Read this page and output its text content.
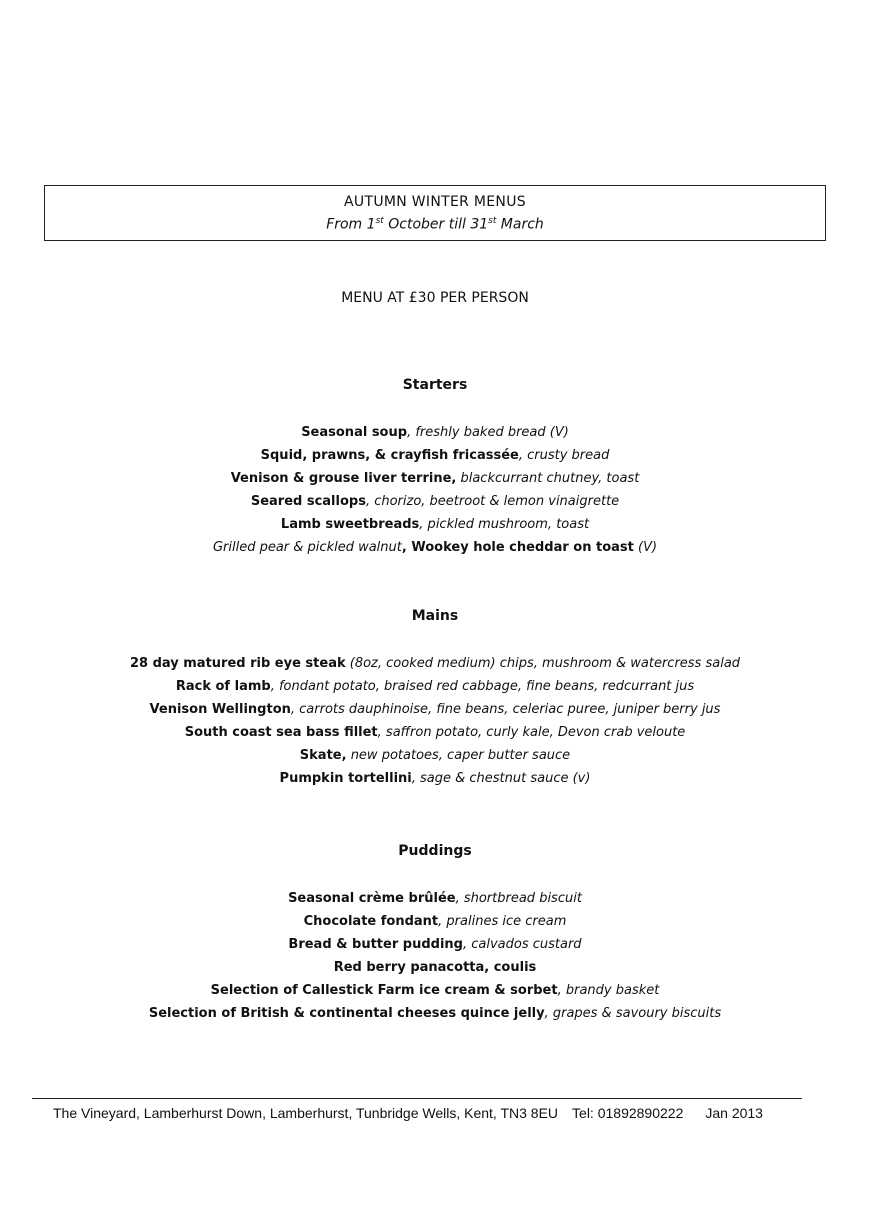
AUTUMN WINTER MENUS
From 1st October till 31st March
MENU AT £30 PER PERSON
Starters
Seasonal soup, freshly baked bread (V)
Squid, prawns, & crayfish fricassée, crusty bread
Venison & grouse liver terrine, blackcurrant chutney, toast
Seared scallops, chorizo, beetroot & lemon vinaigrette
Lamb sweetbreads, pickled mushroom, toast
Grilled pear & pickled walnut, Wookey hole cheddar on toast (V)
Mains
28 day matured rib eye steak (8oz, cooked medium) chips, mushroom & watercress salad
Rack of lamb, fondant potato, braised red cabbage, fine beans, redcurrant jus
Venison Wellington, carrots dauphinoise, fine beans, celeriac puree, juniper berry jus
South coast sea bass fillet, saffron potato, curly kale, Devon crab veloute
Skate, new potatoes, caper butter sauce
Pumpkin tortellini, sage & chestnut sauce (v)
Puddings
Seasonal crème brûlée, shortbread biscuit
Chocolate fondant, pralines ice cream
Bread & butter pudding, calvados custard
Red berry panacotta, coulis
Selection of Callestick Farm ice cream & sorbet, brandy basket
Selection of British & continental cheeses quince jelly, grapes & savoury biscuits
The Vineyard, Lamberhurst Down, Lamberhurst, Tunbridge Wells, Kent, TN3 8EU Tel: 01892890222 Jan 2013
